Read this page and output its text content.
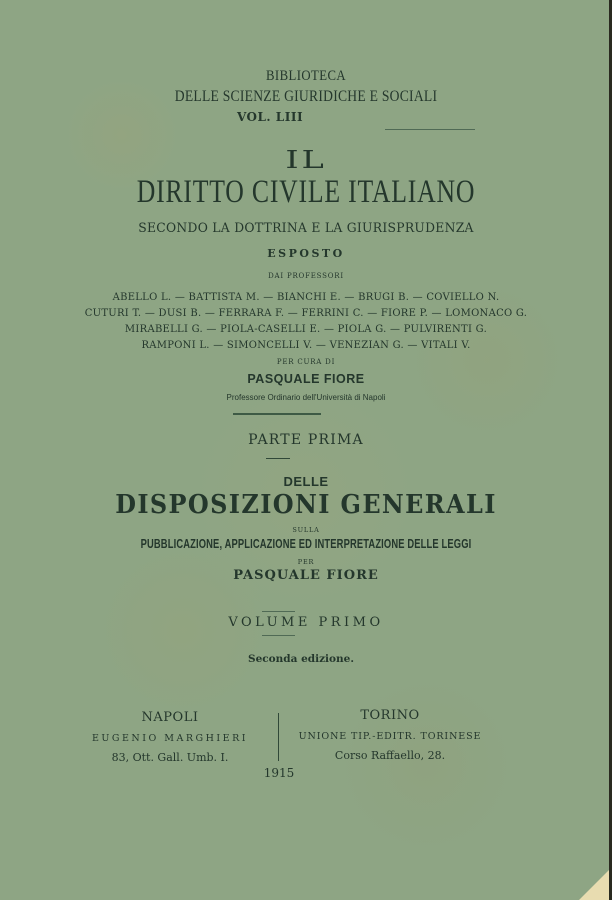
BIBLIOTECA
DELLE SCIENZE GIURIDICHE E SOCIALI
VOL. LIII
IL
DIRITTO CIVILE ITALIANO
SECONDO LA DOTTRINA E LA GIURISPRUDENZA
ESPOSTO
DAI PROFESSORI
ABELLO L. — BATTISTA M. — BIANCHI E. — BRUGI B. — COVIELLO N.
CUTURI T. — DUSI B. — FERRARA F. — FERRINI C. — FIORE P. — LOMONACO G.
MIRABELLI G. — PIOLA-CASELLI E. — PIOLA G. — PULVIRENTI G.
RAMPONI L. — SIMONCELLI V. — VENEZIAN G. — VITALI V.
PER CURA DI
PASQUALE FIORE
Professore Ordinario dell'Università di Napoli
PARTE PRIMA
DELLE
DISPOSIZIONI GENERALI
SULLA
PUBBLICAZIONE, APPLICAZIONE ED INTERPRETAZIONE DELLE LEGGI
PER
PASQUALE FIORE
VOLUME PRIMO
Seconda edizione.
NAPOLI
EUGENIO MARGHIERI
83, Ott. Gall. Umb. I.
TORINO
UNIONE TIP.-EDITR. TORINESE
Corso Raffaello, 28.
1915
